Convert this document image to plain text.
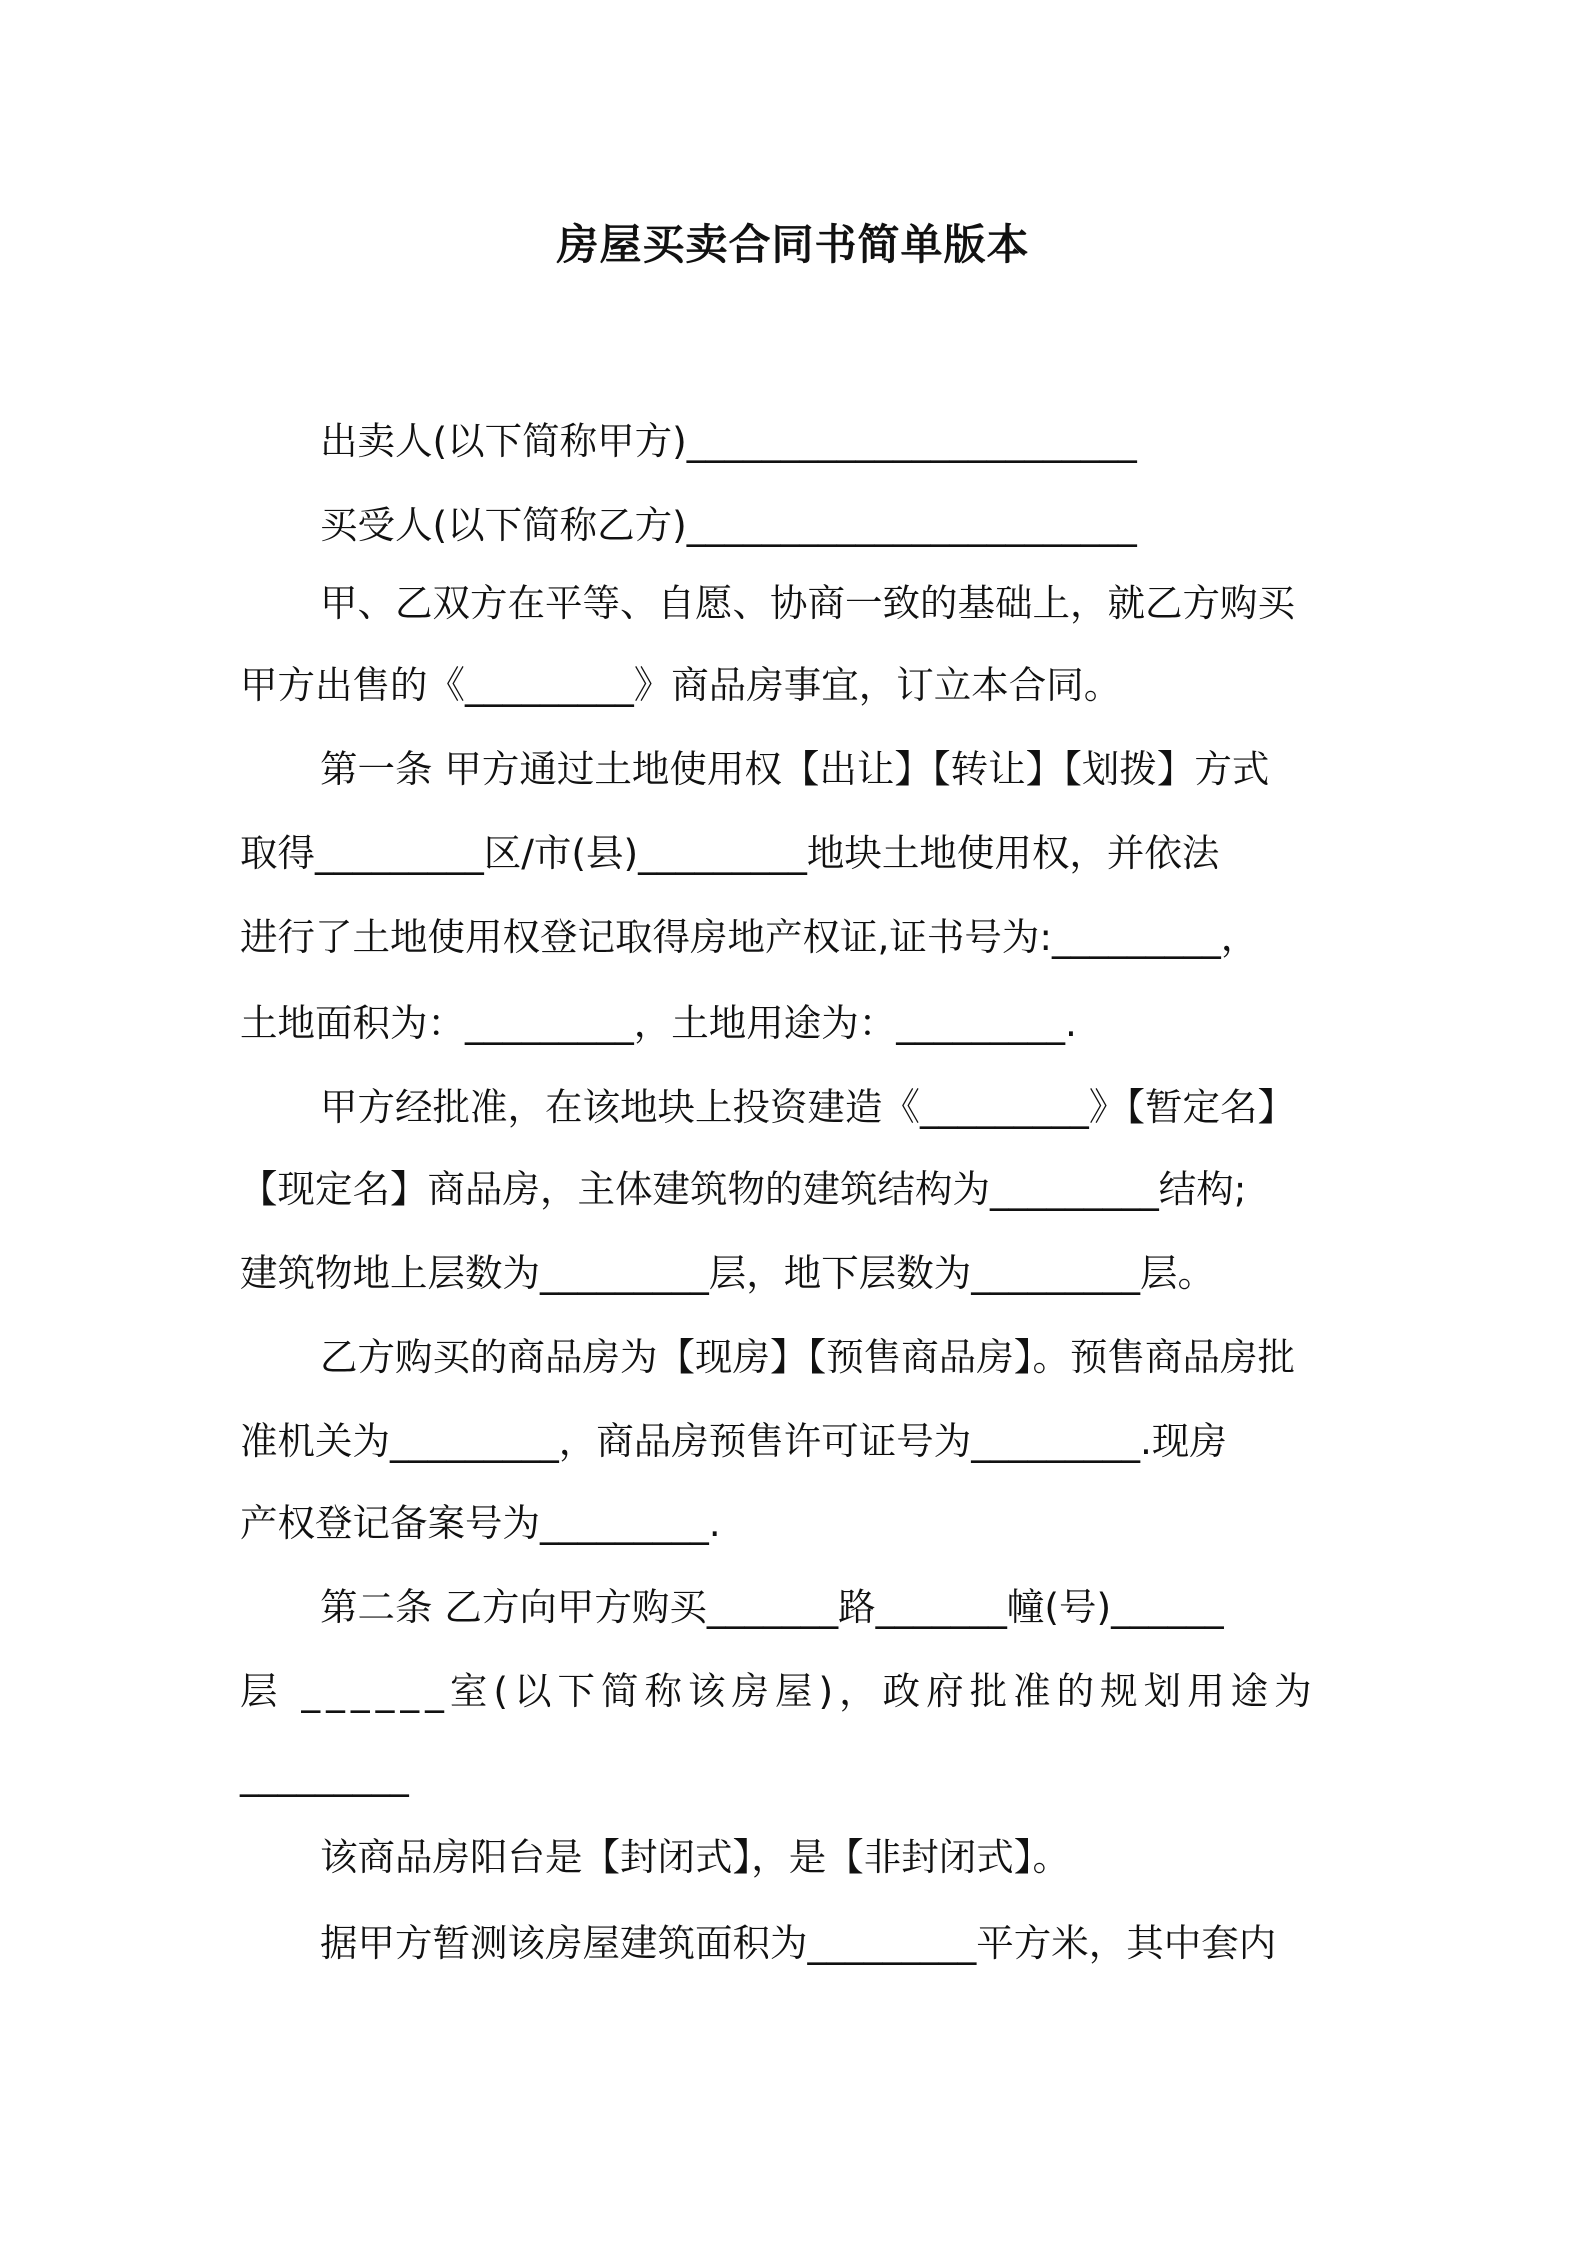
房屋买卖合同书简单版本
出卖人(以下简称甲方)________________________
买受人(以下简称乙方)________________________
甲、乙双方在平等、自愿、协商一致的基础上，就乙方购买
甲方出售的《_________》商品房事宜，订立本合同。
第一条 甲方通过土地使用权【出让】【转让】【划拨】方式
取得_________区/市(县)_________地块土地使用权，并依法
进行了土地使用权登记取得房地产权证,证书号为:_________，
土地面积为：_________，土地用途为：_________.
甲方经批准，在该地块上投资建造《_________》【暂定名】
【现定名】商品房，主体建筑物的建筑结构为_________结构;
建筑物地上层数为_________层，地下层数为_________层。
乙方购买的商品房为【现房】【预售商品房】。预售商品房批
准机关为_________，商品房预售许可证号为_________.现房
产权登记备案号为_________.
第二条 乙方向甲方购买_______路_______幢(号)______
层 ______室(以下简称该房屋)，政府批准的规划用途为
_________
该商品房阳台是【封闭式】，是【非封闭式】。
据甲方暂测该房屋建筑面积为_________平方米，其中套内
